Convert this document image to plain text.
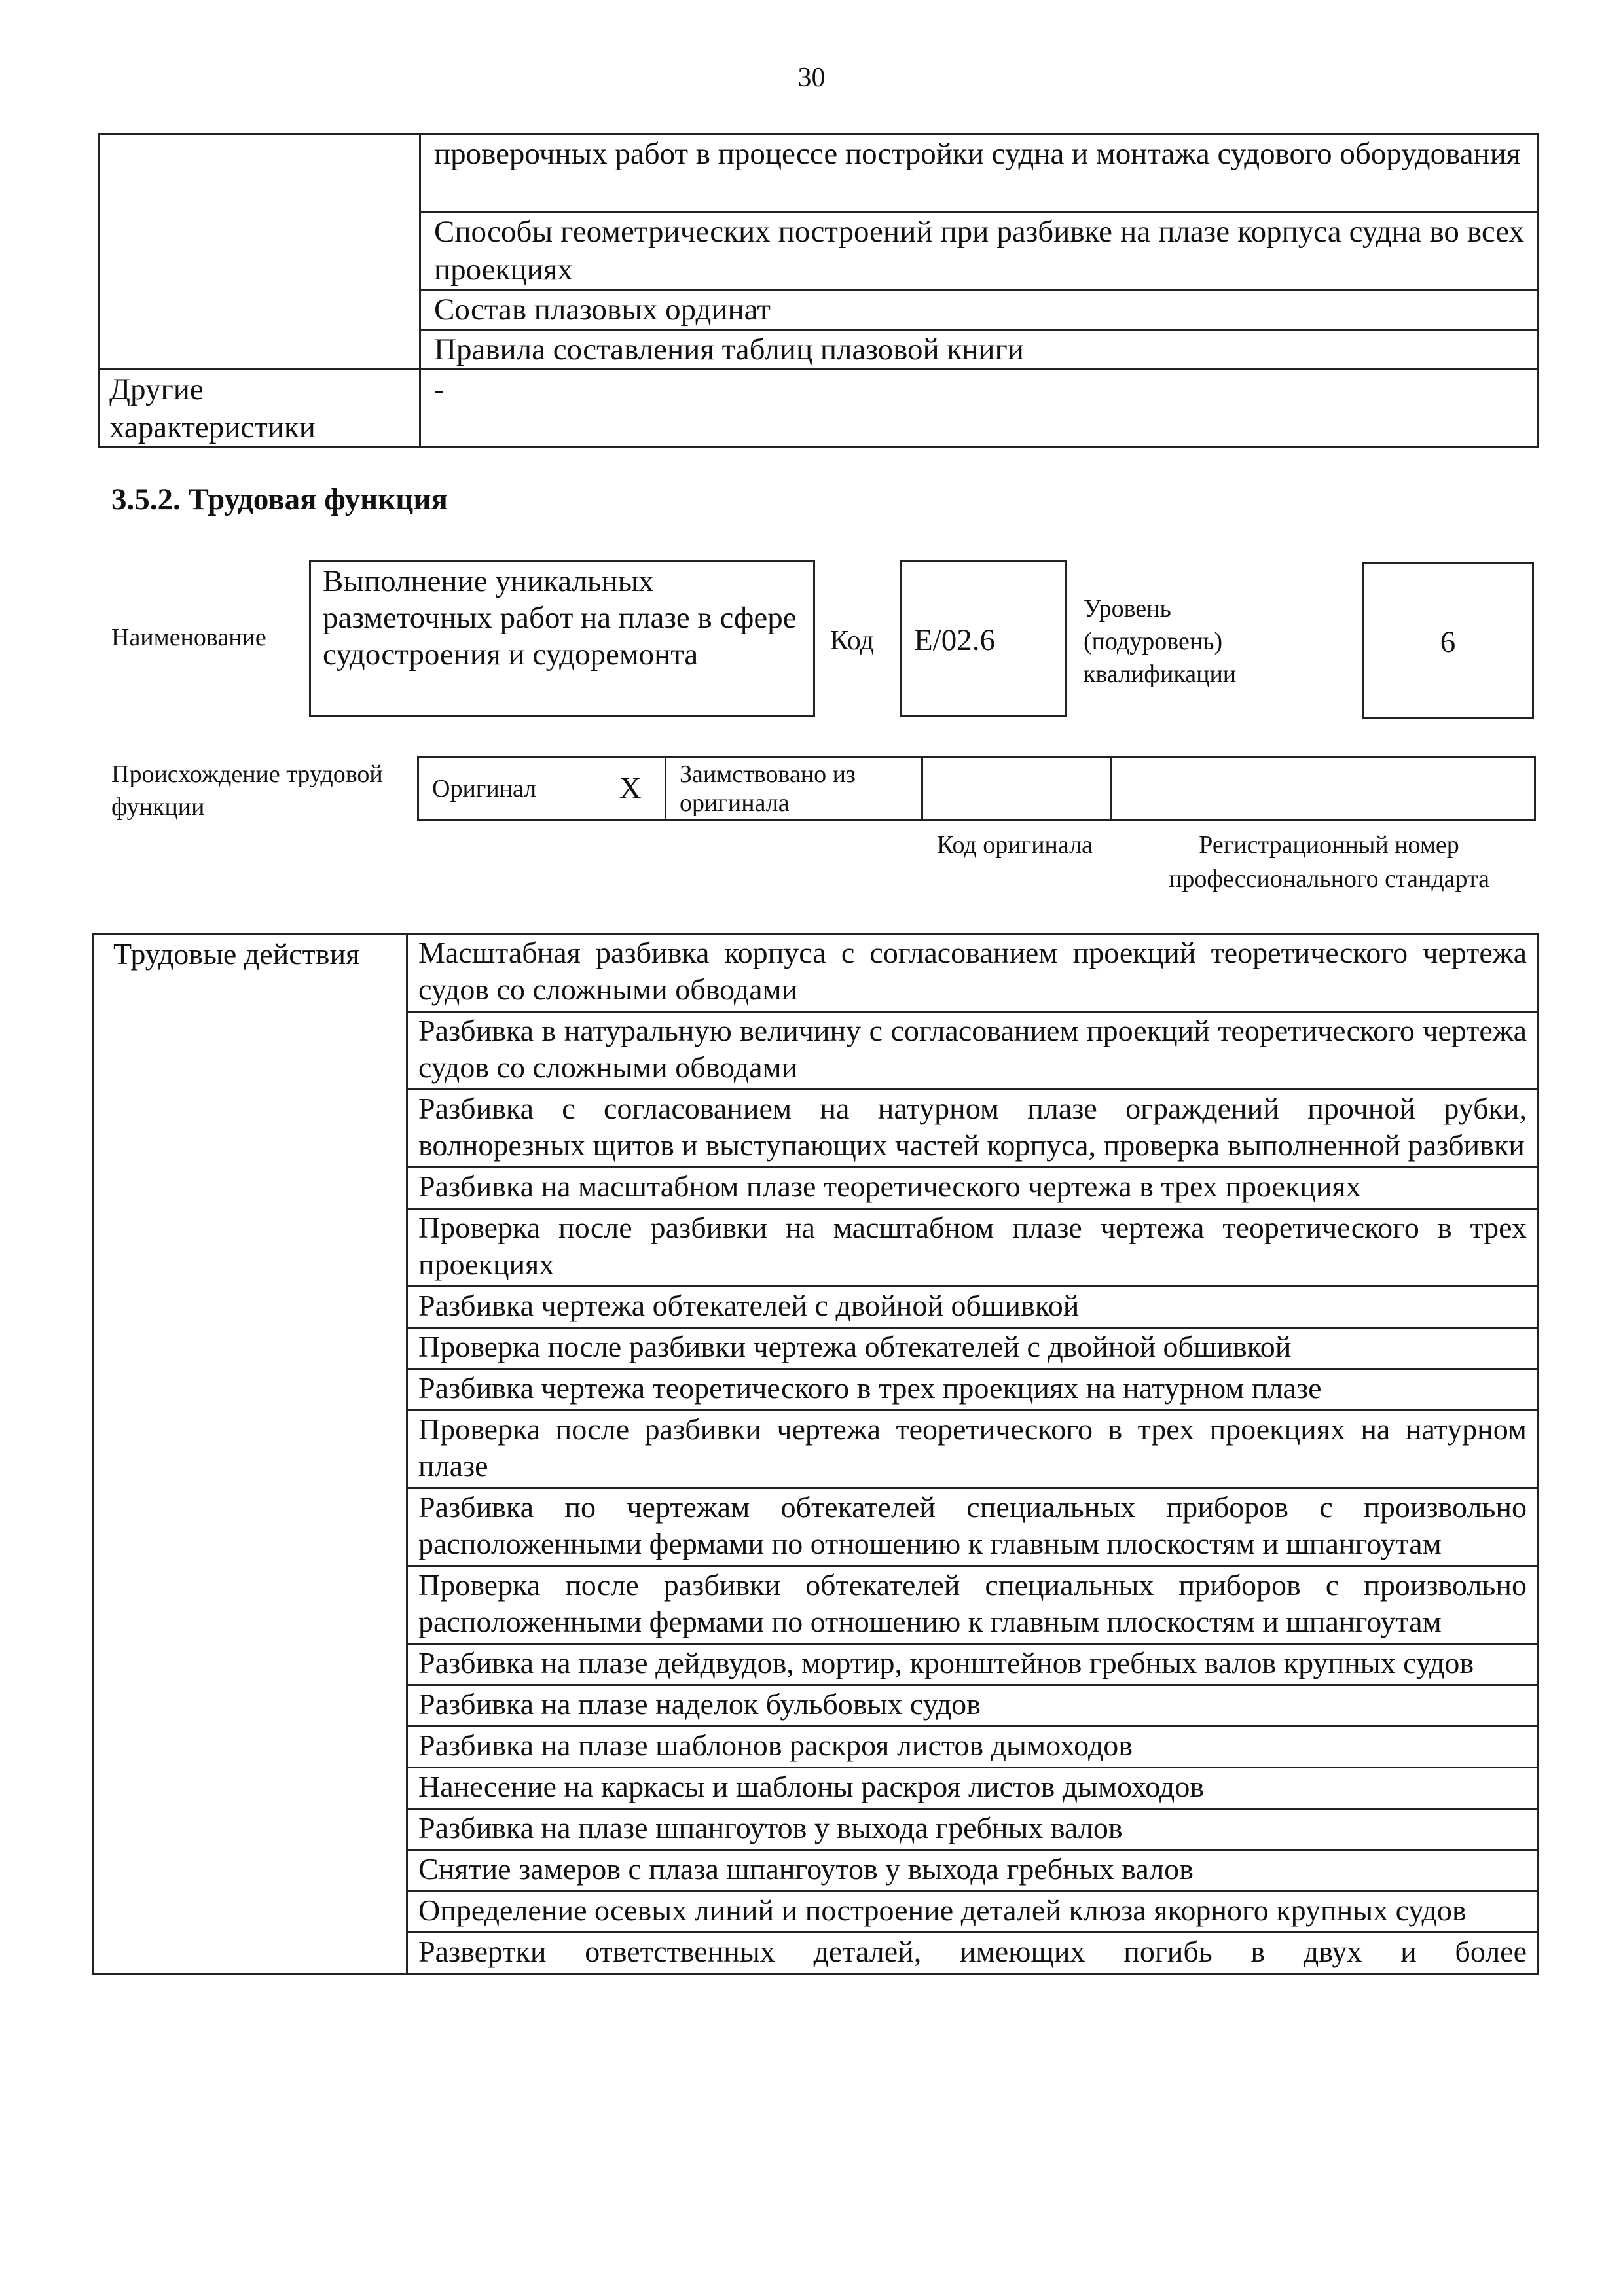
30
	проверочных работ в процессе постройки судна и монтажа судового оборудования
	Способы геометрических построений при разбивке на плазе корпуса судна во всех проекциях
	Состав плазовых ординат
	Правила составления таблиц плазовой книги
Другие характеристики	-
3.5.2. Трудовая функция
Наименование
Выполнение уникальных разметочных работ на плазе в сфере судостроения и судоремонта	Код	E/02.6
Уровень (подуровень) квалификации
6
Происхождение трудовой функции
Оригинал	X	Заимствовано из оригинала		
Код оригинала	Регистрационный номер профессионального стандарта
Трудовые действия	Масштабная разбивка корпуса с согласованием проекций теоретического чертежа судов со сложными обводами
Разбивка в натуральную величину с согласованием проекций теоретического чертежа судов со сложными обводами
Разбивка с согласованием на натурном плазе ограждений прочной рубки, волнорезных щитов и выступающих частей корпуса, проверка выполненной разбивки
Разбивка на масштабном плазе теоретического чертежа в трех проекциях
Проверка после разбивки на масштабном плазе чертежа теоретического в трех проекциях
Разбивка чертежа обтекателей с двойной обшивкой
Проверка после разбивки чертежа обтекателей с двойной обшивкой
Разбивка чертежа теоретического в трех проекциях на натурном плазе
Проверка после разбивки чертежа теоретического в трех проекциях на натурном плазе
Разбивка по чертежам обтекателей специальных приборов с произвольно расположенными фермами по отношению к главным плоскостям и шпангоутам
Проверка после разбивки обтекателей специальных приборов с произвольно расположенными фермами по отношению к главным плоскостям и шпангоутам
Разбивка на плазе дейдвудов, мортир, кронштейнов гребных валов крупных судов
Разбивка на плазе наделок бульбовых судов
Разбивка на плазе шаблонов раскроя листов дымоходов
Нанесение на каркасы и шаблоны раскроя листов дымоходов
Разбивка на плазе шпангоутов у выхода гребных валов
Снятие замеров с плаза шпангоутов у выхода гребных валов
Определение осевых линий и построение деталей клюза якорного крупных судов
Развертки ответственных деталей, имеющих погибь в двух и более
